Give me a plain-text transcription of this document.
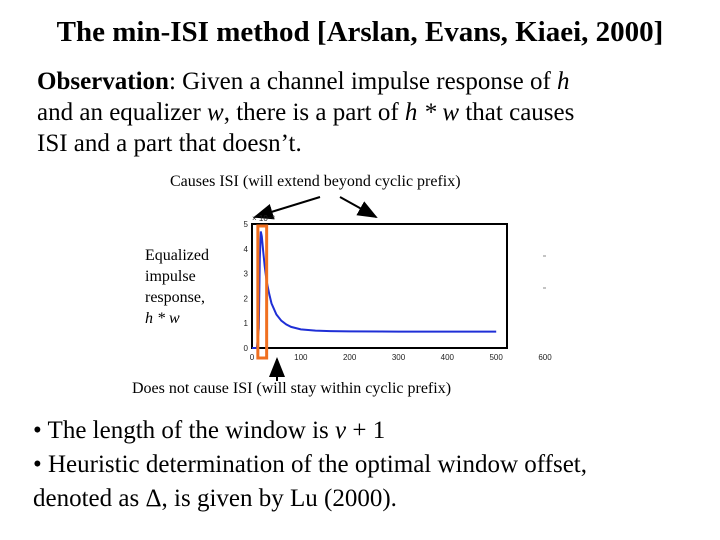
The min-ISI method [Arslan, Evans, Kiaei, 2000]
Observation: Given a channel impulse response of h
and an equalizer w, there is a part of h * w that causes
ISI and a part that doesn’t.
Causes ISI (will extend beyond cyclic prefix)
Equalized
impulse
response,
h * w
× 10⁻³
0
1
2
3
4
5
0	100	200	300	400	500	600
Does not cause ISI (will stay within cyclic prefix)
• The length of the window is v + 1
• Heuristic determination of the optimal window offset,
denoted as Δ, is given by Lu (2000).
